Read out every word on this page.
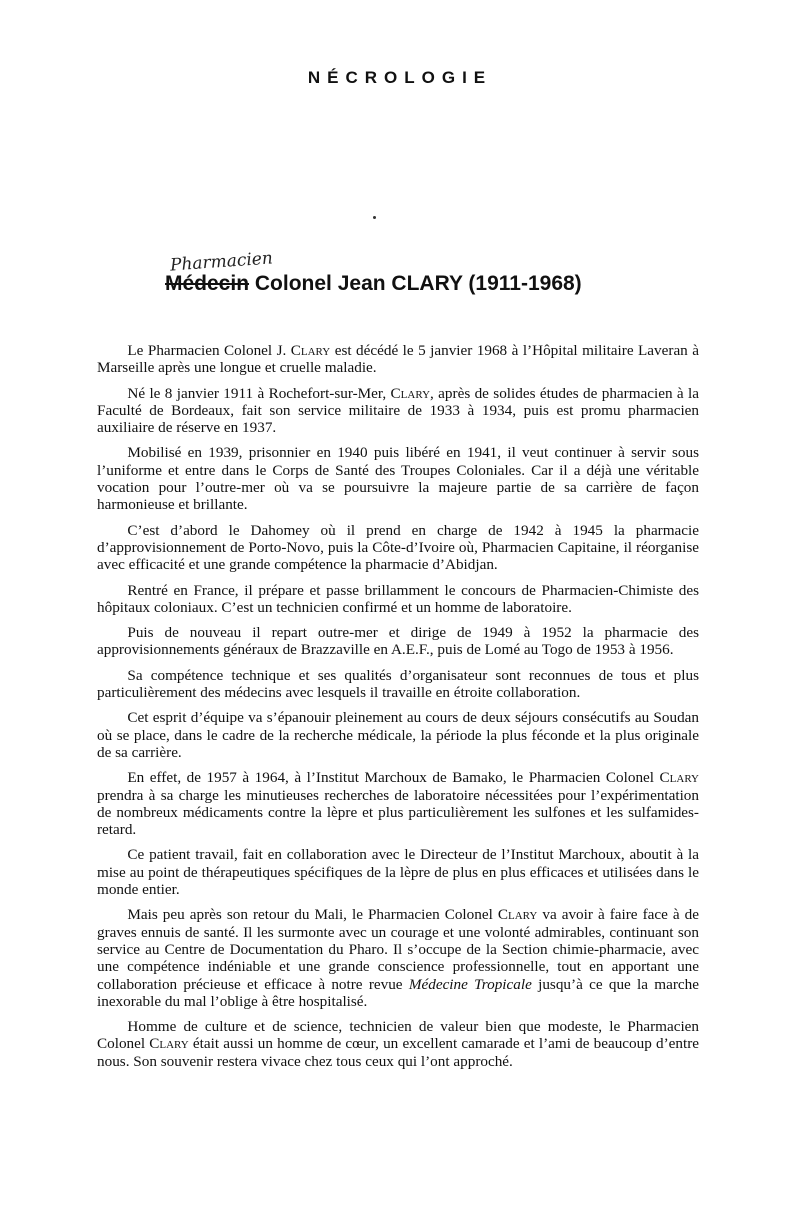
NÉCROLOGIE
Pharmacien
Médecin Colonel Jean CLARY (1911-1968)

Le Pharmacien Colonel J. Clary est décédé le 5 janvier 1968 à l’Hôpital militaire Laveran à Marseille après une longue et cruelle maladie.

Né le 8 janvier 1911 à Rochefort-sur-Mer, Clary, après de solides études de pharmacien à la Faculté de Bordeaux, fait son service militaire de 1933 à 1934, puis est promu pharmacien auxiliaire de réserve en 1937.

Mobilisé en 1939, prisonnier en 1940 puis libéré en 1941, il veut continuer à servir sous l’uniforme et entre dans le Corps de Santé des Troupes Coloniales. Car il a déjà une véritable vocation pour l’outre-mer où va se poursuivre la majeure partie de sa carrière de façon harmonieuse et brillante.

C’est d’abord le Dahomey où il prend en charge de 1942 à 1945 la pharmacie d’approvisionnement de Porto-Novo, puis la Côte-d’Ivoire où, Pharmacien Capitaine, il réorganise avec efficacité et une grande compétence la pharmacie d’Abidjan.

Rentré en France, il prépare et passe brillamment le concours de Pharmacien-Chimiste des hôpitaux coloniaux. C’est un technicien confirmé et un homme de laboratoire.

Puis de nouveau il repart outre-mer et dirige de 1949 à 1952 la pharmacie des approvisionnements généraux de Brazzaville en A.E.F., puis de Lomé au Togo de 1953 à 1956.

Sa compétence technique et ses qualités d’organisateur sont reconnues de tous et plus particulièrement des médecins avec lesquels il travaille en étroite collaboration.

Cet esprit d’équipe va s’épanouir pleinement au cours de deux séjours consécutifs au Soudan où se place, dans le cadre de la recherche médicale, la période la plus féconde et la plus originale de sa carrière.

En effet, de 1957 à 1964, à l’Institut Marchoux de Bamako, le Pharmacien Colonel Clary prendra à sa charge les minutieuses recherches de laboratoire nécessitées pour l’expérimentation de nombreux médicaments contre la lèpre et plus particulièrement les sulfones et les sulfamides-retard.

Ce patient travail, fait en collaboration avec le Directeur de l’Institut Marchoux, aboutit à la mise au point de thérapeutiques spécifiques de la lèpre de plus en plus efficaces et utilisées dans le monde entier.

Mais peu après son retour du Mali, le Pharmacien Colonel Clary va avoir à faire face à de graves ennuis de santé. Il les surmonte avec un courage et une volonté admirables, continuant son service au Centre de Documentation du Pharo. Il s’occupe de la Section chimie-pharmacie, avec une compétence indéniable et une grande conscience professionnelle, tout en apportant une collaboration précieuse et efficace à notre revue Médecine Tropicale jusqu’à ce que la marche inexorable du mal l’oblige à être hospitalisé.

Homme de culture et de science, technicien de valeur bien que modeste, le Pharmacien Colonel Clary était aussi un homme de cœur, un excellent camarade et l’ami de beaucoup d’entre nous. Son souvenir restera vivace chez tous ceux qui l’ont approché.
